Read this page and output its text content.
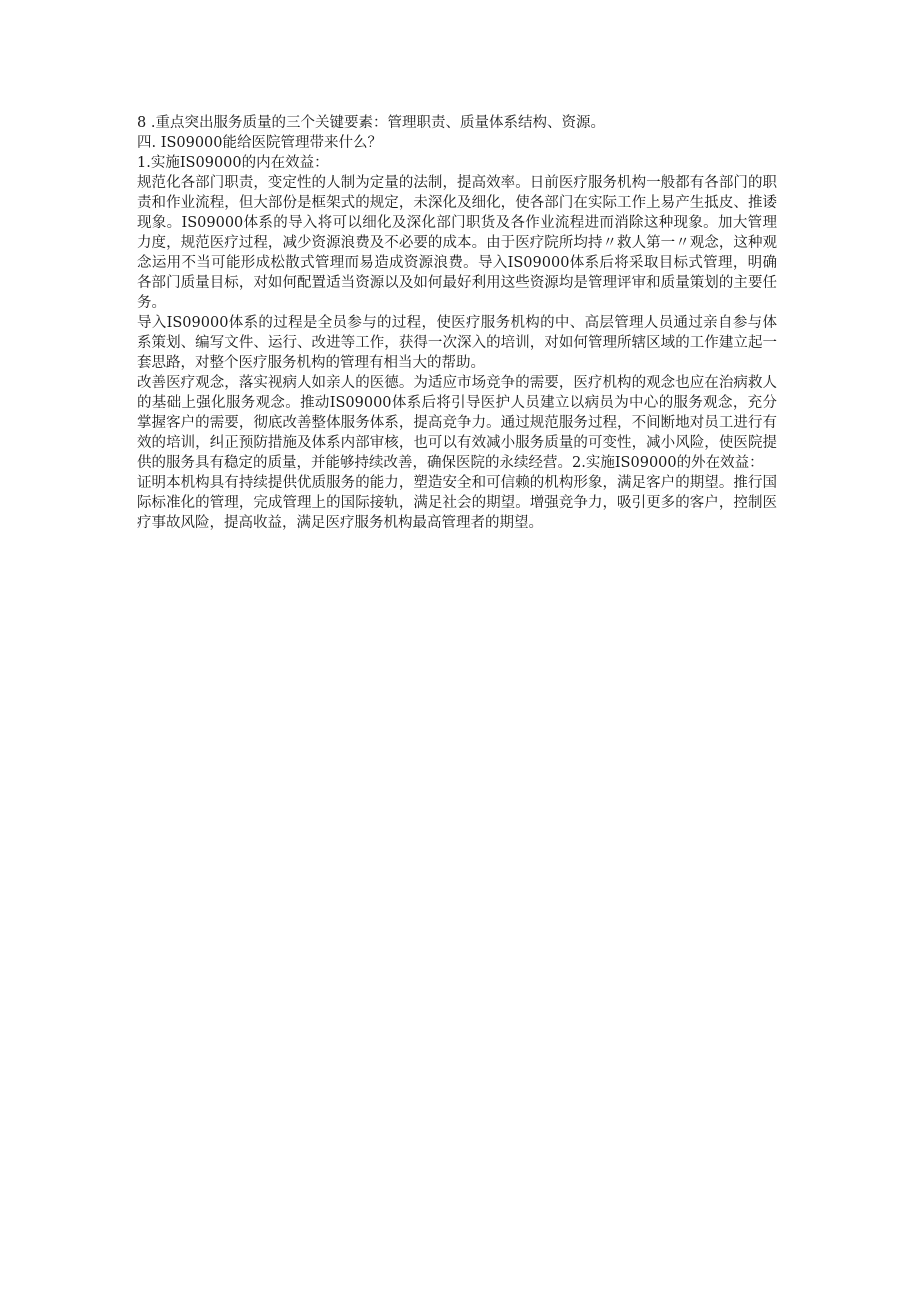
8 .重点突出服务质量的三个关键要素：管理职责、质量体系结构、资源。

四. IS09000能给医院管理带来什么？

1.实施IS09000的内在效益：

规范化各部门职责，变定性的人制为定量的法制，提高效率。日前医疗服务机构一般都有各部门的职责和作业流程，但大部份是框架式的规定，未深化及细化，使各部门在实际工作上易产生抵皮、推诿现象。IS09000体系的导入将可以细化及深化部门职货及各作业流程进而消除这种现象。加大管理力度，规范医疗过程，减少资源浪费及不必要的成本。由于医疗院所均持〃救人第一〃观念，这种观念运用不当可能形成松散式管理而易造成资源浪费。导入IS09000体系后将采取目标式管理，明确各部门质量目标，对如何配置适当资源以及如何最好利用这些资源均是管理评审和质量策划的主要任务。

导入IS09000体系的过程是全员参与的过程，使医疗服务机构的中、高层管理人员通过亲自参与体系策划、编写文件、运行、改进等工作，获得一次深入的培训，对如何管理所辖区域的工作建立起一套思路，对整个医疗服务机构的管理有相当大的帮助。

改善医疗观念，落实视病人如亲人的医德。为适应市场竞争的需要，医疗机构的观念也应在治病救人的基础上强化服务观念。推动IS09000体系后将引导医护人员建立以病员为中心的服务观念，充分掌握客户的需要，彻底改善整体服务体系，提高竞争力。通过规范服务过程，不间断地对员工进行有效的培训，纠正预防措施及体系内部审核，也可以有效减小服务质量的可变性，减小风险，使医院提供的服务具有稳定的质量，并能够持续改善，确保医院的永续经营。2.实施IS09000的外在效益：

证明本机构具有持续提供优质服务的能力，塑造安全和可信赖的机构形象，满足客户的期望。推行国际标准化的管理，完成管理上的国际接轨，满足社会的期望。增强竞争力，吸引更多的客户，控制医疗事故风险，提高收益，满足医疗服务机构最高管理者的期望。
